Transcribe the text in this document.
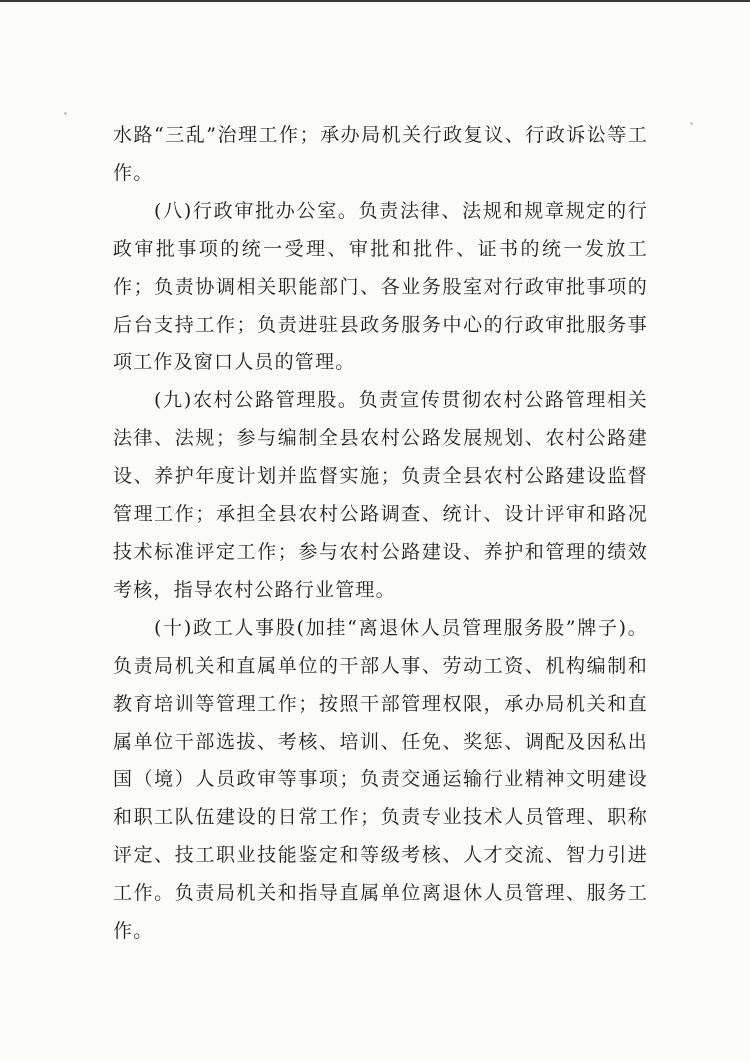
水路“三乱”治理工作；承办局机关行政复议、行政诉讼等工作。

(八)行政审批办公室。负责法律、法规和规章规定的行政审批事项的统一受理、审批和批件、证书的统一发放工作；负责协调相关职能部门、各业务股室对行政审批事项的后台支持工作；负责进驻县政务服务中心的行政审批服务事项工作及窗口人员的管理。

(九)农村公路管理股。负责宣传贯彻农村公路管理相关法律、法规；参与编制全县农村公路发展规划、农村公路建设、养护年度计划并监督实施；负责全县农村公路建设监督管理工作；承担全县农村公路调查、统计、设计评审和路况技术标准评定工作；参与农村公路建设、养护和管理的绩效考核，指导农村公路行业管理。

(十)政工人事股(加挂“离退休人员管理服务股”牌子)。负责局机关和直属单位的干部人事、劳动工资、机构编制和教育培训等管理工作；按照干部管理权限，承办局机关和直属单位干部选拔、考核、培训、任免、奖惩、调配及因私出国（境）人员政审等事项；负责交通运输行业精神文明建设和职工队伍建设的日常工作；负责专业技术人员管理、职称评定、技工职业技能鉴定和等级考核、人才交流、智力引进工作。负责局机关和指导直属单位离退休人员管理、服务工作。
